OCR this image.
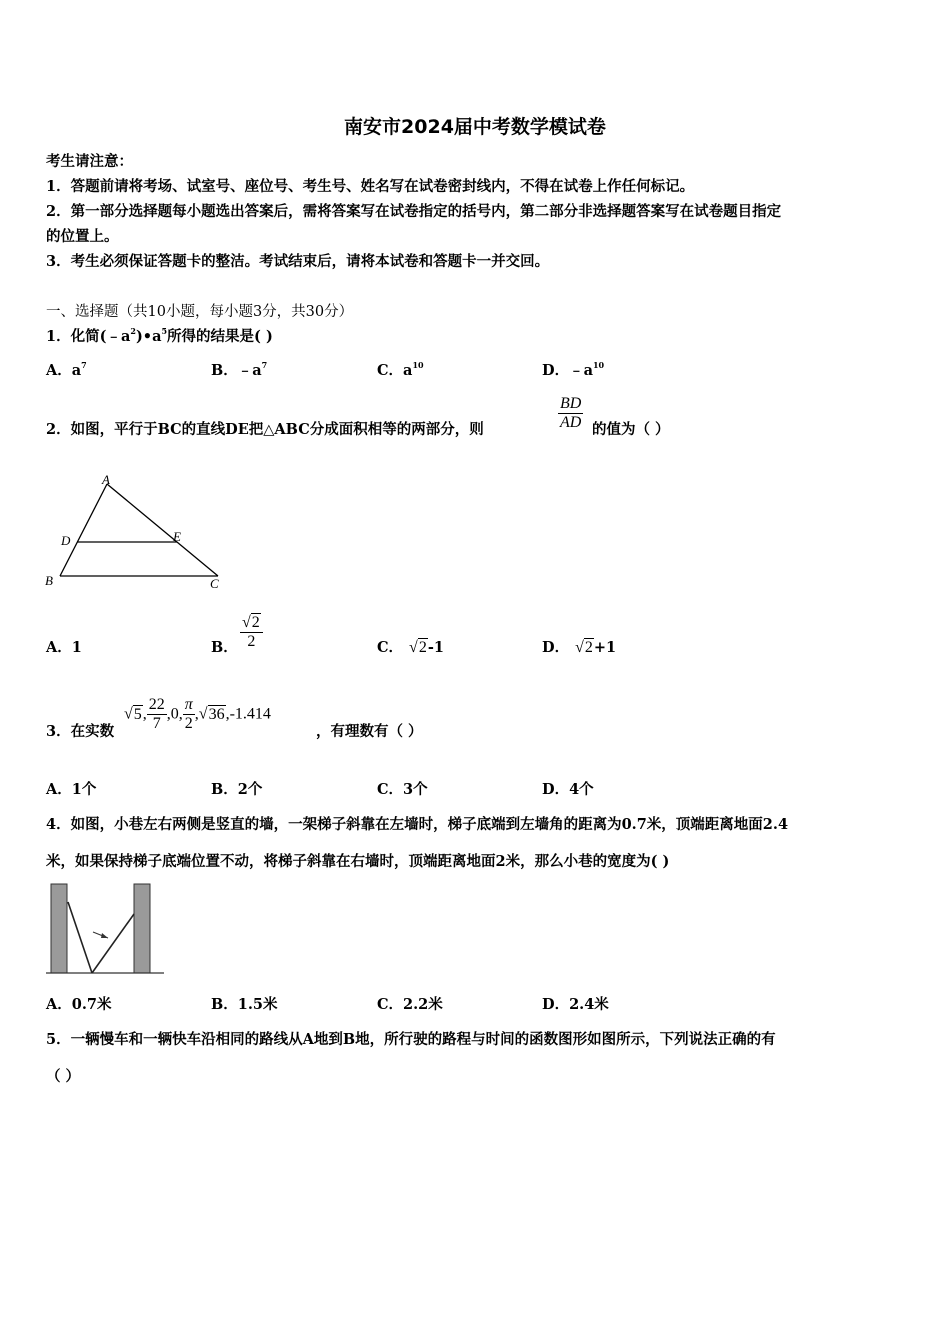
南安市2024届中考数学模试卷
考生请注意：
1．答题前请将考场、试室号、座位号、考生号、姓名写在试卷密封线内，不得在试卷上作任何标记。
2．第一部分选择题每小题选出答案后，需将答案写在试卷指定的括号内，第二部分非选择题答案写在试卷题目指定
的位置上。
3．考生必须保证答题卡的整洁。考试结束后，请将本试卷和答题卡一并交回。
一、选择题（共10小题，每小题3分，共30分）
1．化简$(﹣a^2)•a^5$所得的结果是( )
A．$a^7$	B．$﹣a^7$	C．$a^{10}$	D．$﹣a^{10}$
2．如图，平行于BC的直线DE把△ABC分成面积相等的两部分，则	$\frac{BD}{AD}$ 的值为（ ）
A
D	E
B	C
A．1	B． $\frac{√2}{2}$	C． √2-1	D． √2+1
3．在实数
√5, $\frac{22}{7} ,0$, $\frac{\pi}{2} ,√36,-1.414$
，有理数有（ ）
A．1个	B．2个	C．3个	D．4个
4．如图，小巷左右两侧是竖直的墙，一架梯子斜靠在左墙时，梯子底端到左墙角的距离为0.7米，顶端距离地面2.4
米，如果保持梯子底端位置不动，将梯子斜靠在右墙时，顶端距离地面2米，那么小巷的宽度为( )
A．0.7米	B．1.5米	C．2.2米	D．2.4米
5．一辆慢车和一辆快车沿相同的路线从A地到B地，所行驶的路程与时间的函数图形如图所示，下列说法正确的有
（ ）
